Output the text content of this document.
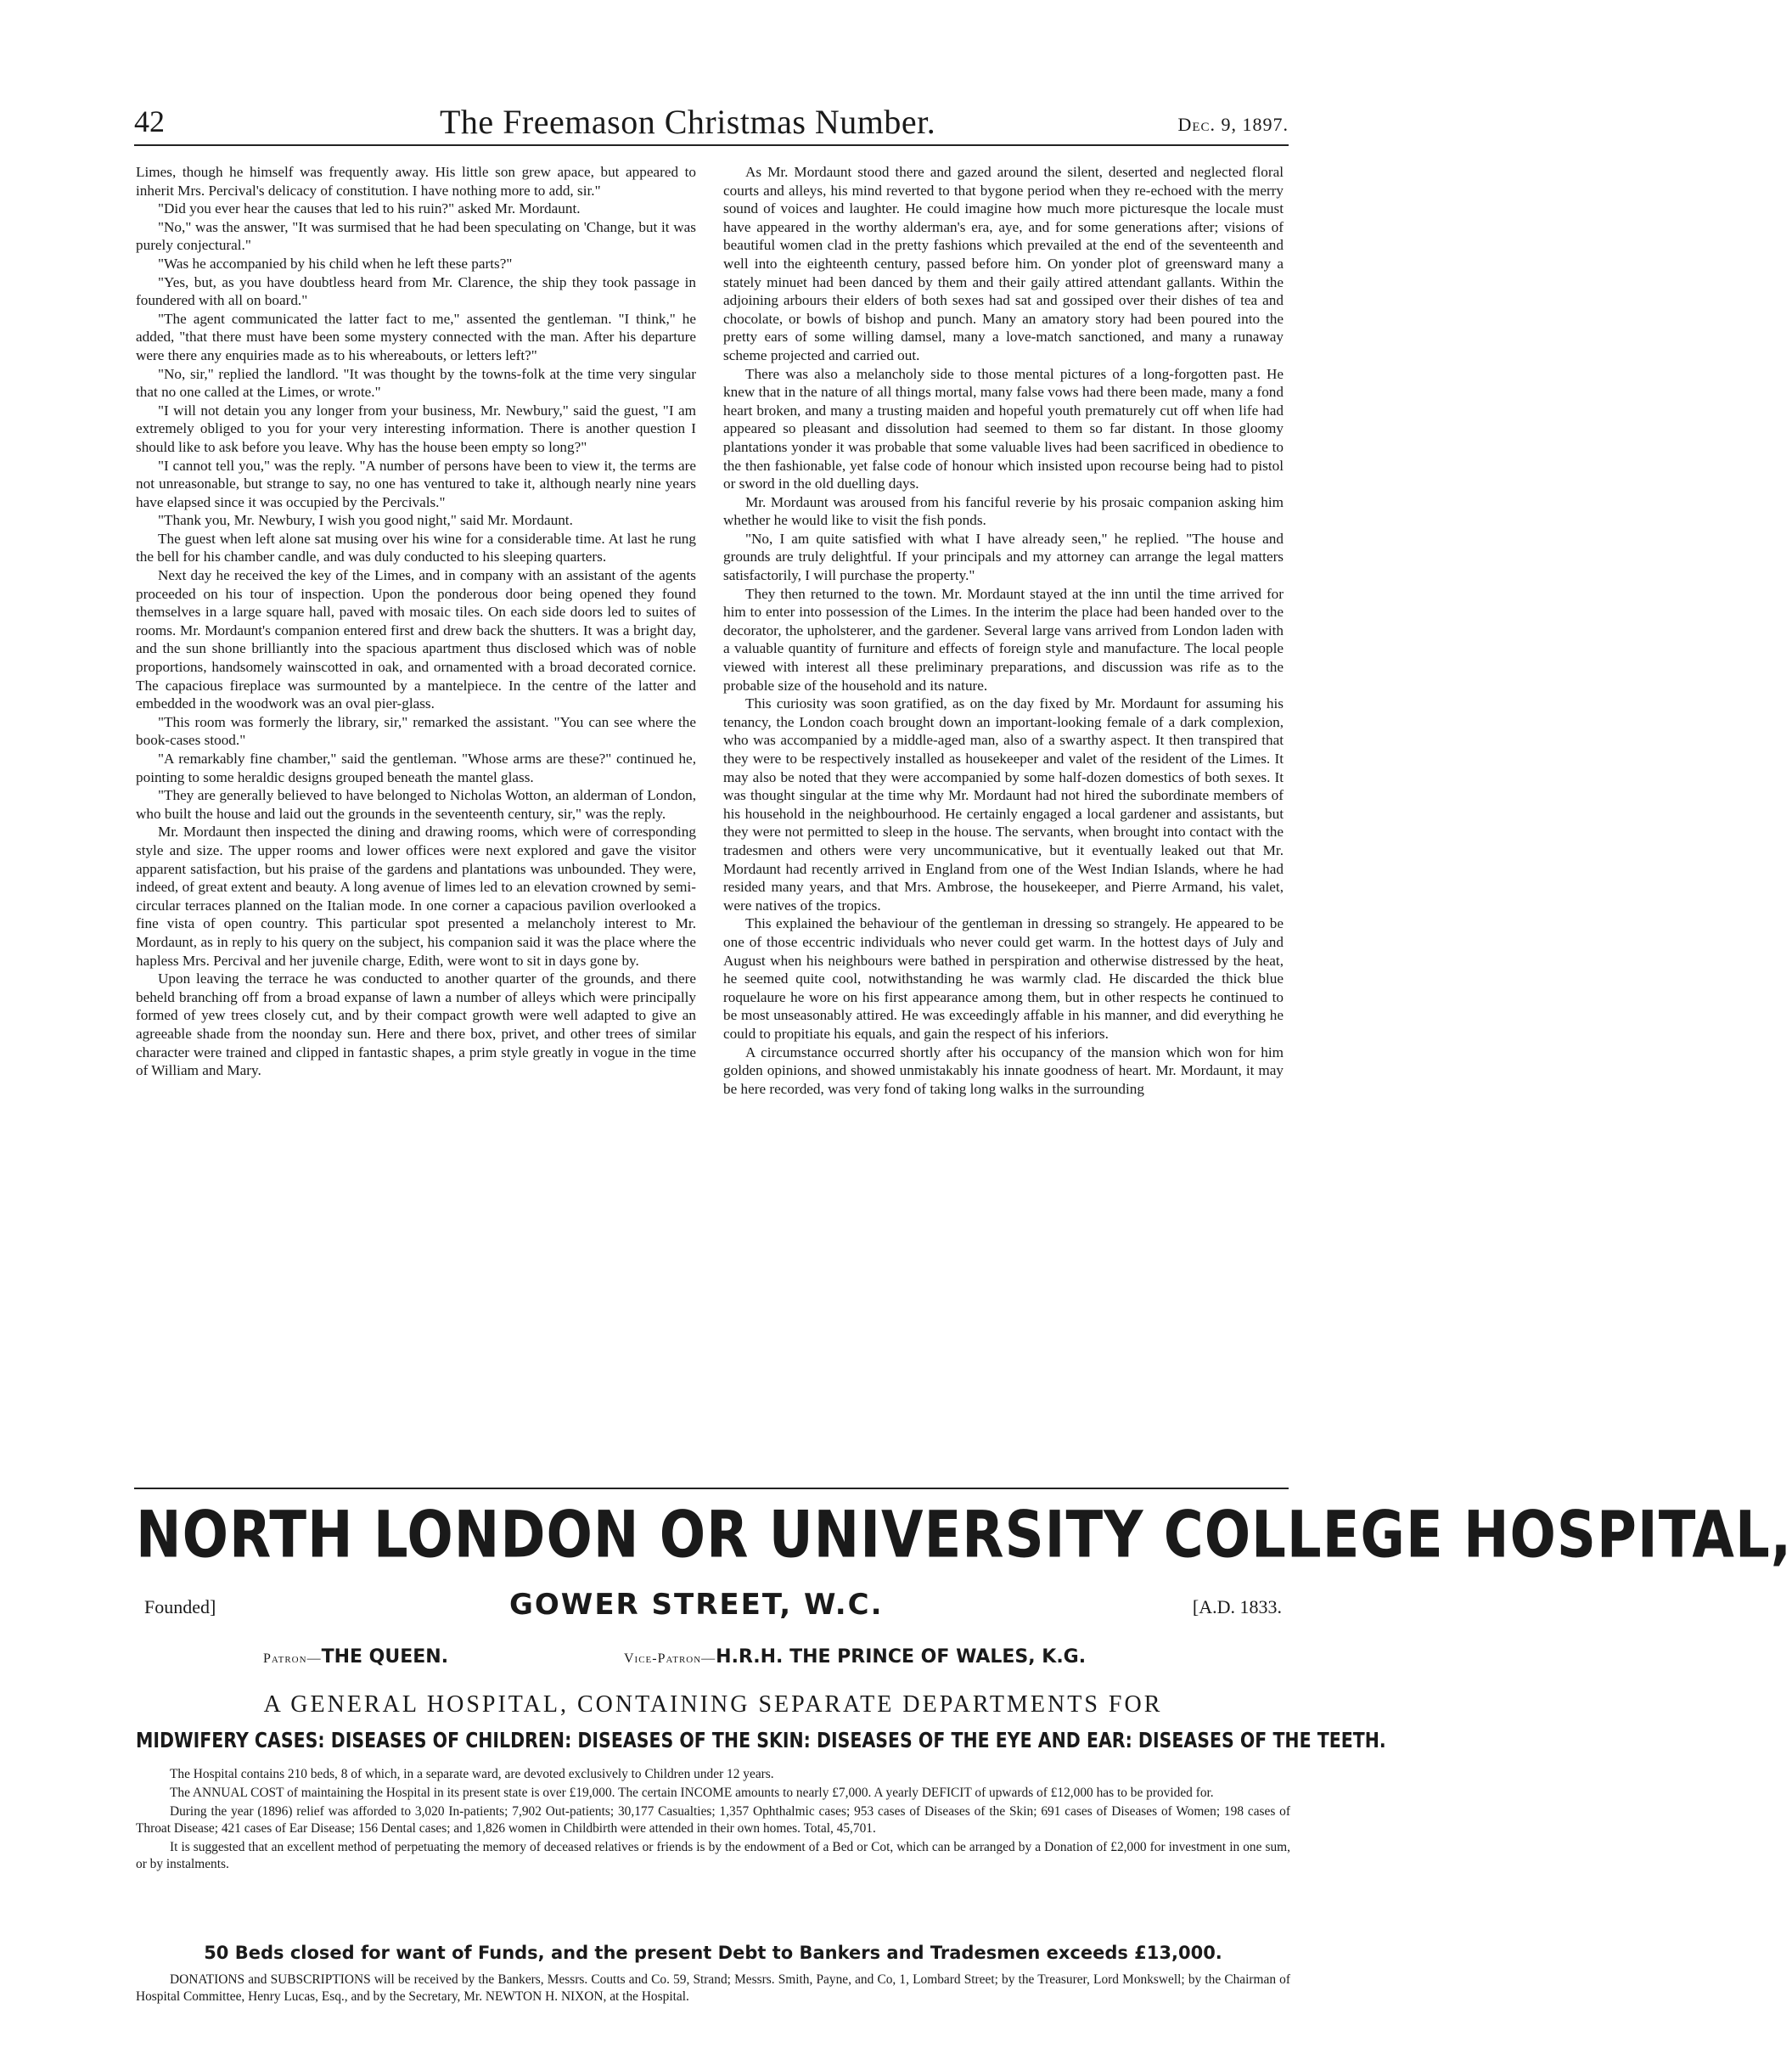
42	The Freemason Christmas Number.	Dec. 9, 1897.

Limes, though he himself was frequently away. His little son grew apace, but appeared to inherit Mrs. Percival's delicacy of constitution. I have nothing more to add, sir."

"Did you ever hear the causes that led to his ruin?" asked Mr. Mordaunt.

"No," was the answer, "It was surmised that he had been speculating on 'Change, but it was purely conjectural."

"Was he accompanied by his child when he left these parts?"

"Yes, but, as you have doubtless heard from Mr. Clarence, the ship they took passage in foundered with all on board."

"The agent communicated the latter fact to me," assented the gentleman. "I think," he added, "that there must have been some mystery connected with the man. After his departure were there any enquiries made as to his whereabouts, or letters left?"

"No, sir," replied the landlord. "It was thought by the towns-folk at the time very singular that no one called at the Limes, or wrote."

"I will not detain you any longer from your business, Mr. Newbury," said the guest, "I am extremely obliged to you for your very interesting information. There is another question I should like to ask before you leave. Why has the house been empty so long?"

"I cannot tell you," was the reply. "A number of persons have been to view it, the terms are not unreasonable, but strange to say, no one has ventured to take it, although nearly nine years have elapsed since it was occupied by the Percivals."

"Thank you, Mr. Newbury, I wish you good night," said Mr. Mordaunt.

The guest when left alone sat musing over his wine for a considerable time. At last he rung the bell for his chamber candle, and was duly conducted to his sleeping quarters.

Next day he received the key of the Limes, and in company with an assistant of the agents proceeded on his tour of inspection. Upon the ponderous door being opened they found themselves in a large square hall, paved with mosaic tiles. On each side doors led to suites of rooms. Mr. Mordaunt's companion entered first and drew back the shutters. It was a bright day, and the sun shone brilliantly into the spacious apartment thus disclosed which was of noble proportions, handsomely wainscotted in oak, and ornamented with a broad decorated cornice. The capacious fireplace was surmounted by a mantelpiece. In the centre of the latter and embedded in the woodwork was an oval pier-glass.

"This room was formerly the library, sir," remarked the assistant. "You can see where the book-cases stood."

"A remarkably fine chamber," said the gentleman. "Whose arms are these?" continued he, pointing to some heraldic designs grouped beneath the mantel glass.

"They are generally believed to have belonged to Nicholas Wotton, an alderman of London, who built the house and laid out the grounds in the seventeenth century, sir," was the reply.

Mr. Mordaunt then inspected the dining and drawing rooms, which were of corresponding style and size. The upper rooms and lower offices were next explored and gave the visitor apparent satisfaction, but his praise of the gardens and plantations was unbounded. They were, indeed, of great extent and beauty. A long avenue of limes led to an elevation crowned by semi-circular terraces planned on the Italian mode. In one corner a capacious pavilion overlooked a fine vista of open country. This particular spot presented a melancholy interest to Mr. Mordaunt, as in reply to his query on the subject, his companion said it was the place where the hapless Mrs. Percival and her juvenile charge, Edith, were wont to sit in days gone by.

Upon leaving the terrace he was conducted to another quarter of the grounds, and there beheld branching off from a broad expanse of lawn a number of alleys which were principally formed of yew trees closely cut, and by their compact growth were well adapted to give an agreeable shade from the noonday sun. Here and there box, privet, and other trees of similar character were trained and clipped in fantastic shapes, a prim style greatly in vogue in the time of William and Mary.

As Mr. Mordaunt stood there and gazed around the silent, deserted and neglected floral courts and alleys, his mind reverted to that bygone period when they re-echoed with the merry sound of voices and laughter. He could imagine how much more picturesque the locale must have appeared in the worthy alderman's era, aye, and for some generations after; visions of beautiful women clad in the pretty fashions which prevailed at the end of the seventeenth and well into the eighteenth century, passed before him. On yonder plot of greensward many a stately minuet had been danced by them and their gaily attired attendant gallants. Within the adjoining arbours their elders of both sexes had sat and gossiped over their dishes of tea and chocolate, or bowls of bishop and punch. Many an amatory story had been poured into the pretty ears of some willing damsel, many a love-match sanctioned, and many a runaway scheme projected and carried out.

There was also a melancholy side to those mental pictures of a long-forgotten past. He knew that in the nature of all things mortal, many false vows had there been made, many a fond heart broken, and many a trusting maiden and hopeful youth prematurely cut off when life had appeared so pleasant and dissolution had seemed to them so far distant. In those gloomy plantations yonder it was probable that some valuable lives had been sacrificed in obedience to the then fashionable, yet false code of honour which insisted upon recourse being had to pistol or sword in the old duelling days.

Mr. Mordaunt was aroused from his fanciful reverie by his prosaic companion asking him whether he would like to visit the fish ponds.

"No, I am quite satisfied with what I have already seen," he replied. "The house and grounds are truly delightful. If your principals and my attorney can arrange the legal matters satisfactorily, I will purchase the property."

They then returned to the town. Mr. Mordaunt stayed at the inn until the time arrived for him to enter into possession of the Limes. In the interim the place had been handed over to the decorator, the upholsterer, and the gardener. Several large vans arrived from London laden with a valuable quantity of furniture and effects of foreign style and manufacture. The local people viewed with interest all these preliminary preparations, and discussion was rife as to the probable size of the household and its nature.

This curiosity was soon gratified, as on the day fixed by Mr. Mordaunt for assuming his tenancy, the London coach brought down an important-looking female of a dark complexion, who was accompanied by a middle-aged man, also of a swarthy aspect. It then transpired that they were to be respectively installed as housekeeper and valet of the resident of the Limes. It may also be noted that they were accompanied by some half-dozen domestics of both sexes. It was thought singular at the time why Mr. Mordaunt had not hired the subordinate members of his household in the neighbourhood. He certainly engaged a local gardener and assistants, but they were not permitted to sleep in the house. The servants, when brought into contact with the tradesmen and others were very uncommunicative, but it eventually leaked out that Mr. Mordaunt had recently arrived in England from one of the West Indian Islands, where he had resided many years, and that Mrs. Ambrose, the housekeeper, and Pierre Armand, his valet, were natives of the tropics.

This explained the behaviour of the gentleman in dressing so strangely. He appeared to be one of those eccentric individuals who never could get warm. In the hottest days of July and August when his neighbours were bathed in perspiration and otherwise distressed by the heat, he seemed quite cool, notwithstanding he was warmly clad. He discarded the thick blue roquelaure he wore on his first appearance among them, but in other respects he continued to be most unseasonably attired. He was exceedingly affable in his manner, and did everything he could to propitiate his equals, and gain the respect of his inferiors.

A circumstance occurred shortly after his occupancy of the mansion which won for him golden opinions, and showed unmistakably his innate goodness of heart. Mr. Mordaunt, it may be here recorded, was very fond of taking long walks in the surrounding

NORTH LONDON OR UNIVERSITY COLLEGE HOSPITAL,
Founded]	GOWER STREET, W.C.	[A.D. 1833.
Patron—THE QUEEN.	Vice-Patron—H.R.H. THE PRINCE OF WALES, K.G.
A GENERAL HOSPITAL, CONTAINING SEPARATE DEPARTMENTS FOR
MIDWIFERY CASES: DISEASES OF CHILDREN: DISEASES OF THE SKIN: DISEASES OF THE EYE AND EAR: DISEASES OF THE TEETH.

The Hospital contains 210 beds, 8 of which, in a separate ward, are devoted exclusively to Children under 12 years.

The ANNUAL COST of maintaining the Hospital in its present state is over £19,000. The certain INCOME amounts to nearly £7,000. A yearly DEFICIT of upwards of £12,000 has to be provided for.

During the year (1896) relief was afforded to 3,020 In-patients; 7,902 Out-patients; 30,177 Casualties; 1,357 Ophthalmic cases; 953 cases of Diseases of the Skin; 691 cases of Diseases of Women; 198 cases of Throat Disease; 421 cases of Ear Disease; 156 Dental cases; and 1,826 women in Childbirth were attended in their own homes. Total, 45,701.

It is suggested that an excellent method of perpetuating the memory of deceased relatives or friends is by the endowment of a Bed or Cot, which can be arranged by a Donation of £2,000 for investment in one sum, or by instalments.

50 Beds closed for want of Funds, and the present Debt to Bankers and Tradesmen exceeds £13,000.

DONATIONS and SUBSCRIPTIONS will be received by the Bankers, Messrs. Coutts and Co. 59, Strand; Messrs. Smith, Payne, and Co, 1, Lombard Street; by the Treasurer, Lord Monkswell; by the Chairman of Hospital Committee, Henry Lucas, Esq., and by the Secretary, Mr. NEWTON H. NIXON, at the Hospital.
